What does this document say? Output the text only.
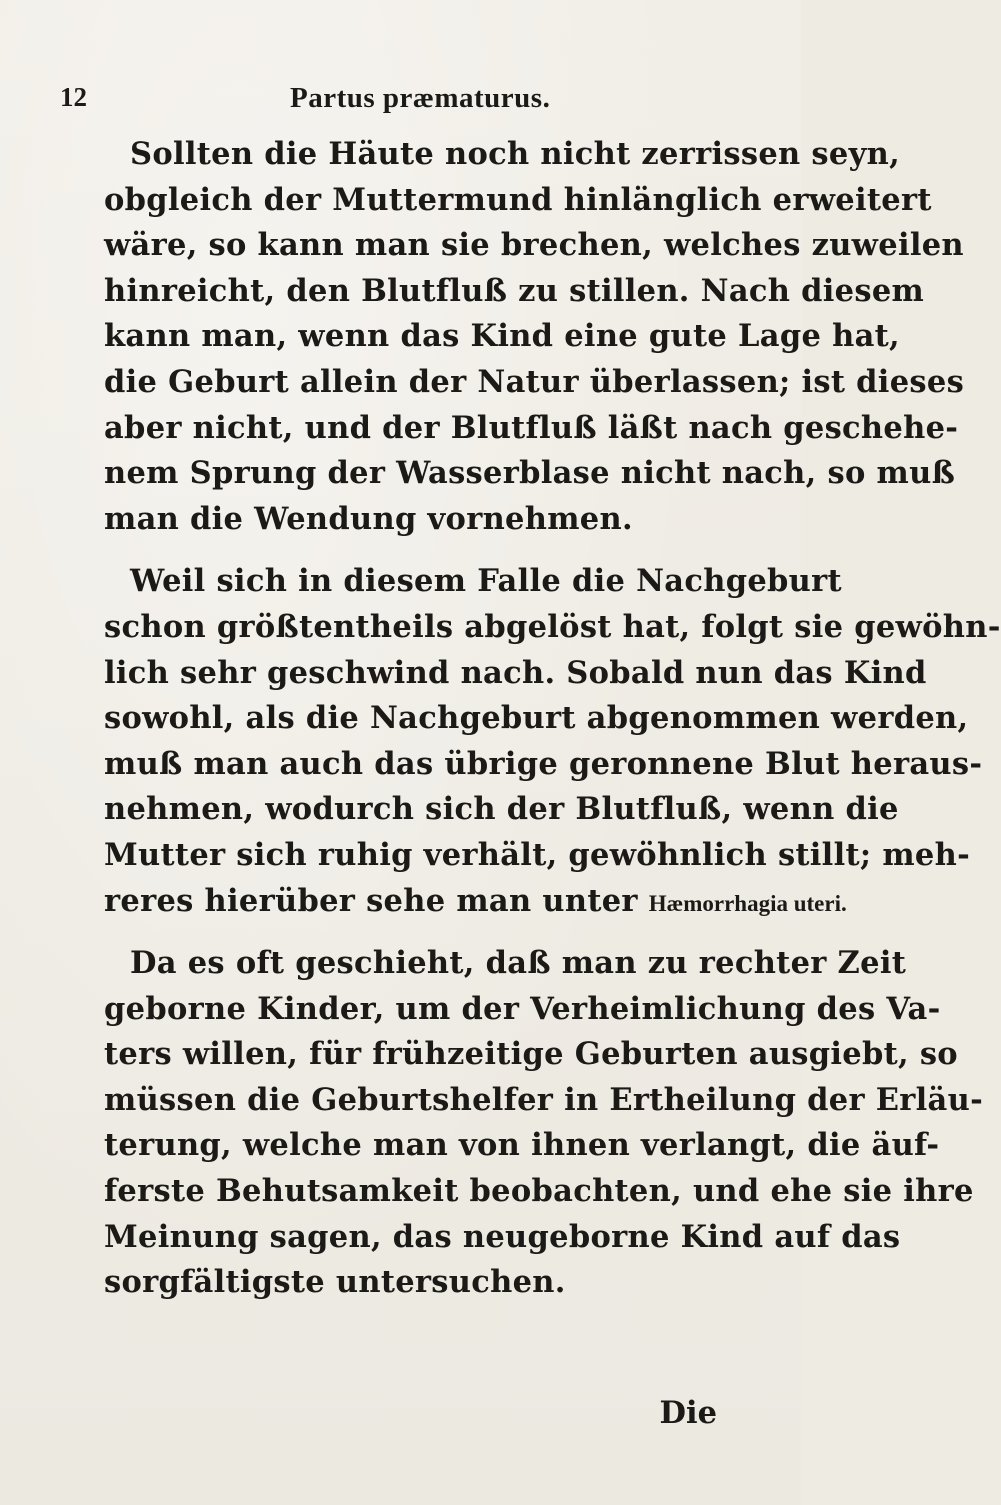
12	Partus præmaturus.
Sollten die Häute noch nicht zerrissen seyn,
obgleich der Muttermund hinlänglich erweitert
wäre, so kann man sie brechen, welches zuweilen
hinreicht, den Blutfluß zu stillen. Nach diesem
kann man, wenn das Kind eine gute Lage hat,
die Geburt allein der Natur überlassen; ist dieses
aber nicht, und der Blutfluß läßt nach geschehe-
nem Sprung der Wasserblase nicht nach, so muß
man die Wendung vornehmen.
Weil sich in diesem Falle die Nachgeburt
schon größtentheils abgelöst hat, folgt sie gewöhn-
lich sehr geschwind nach. Sobald nun das Kind
sowohl, als die Nachgeburt abgenommen werden,
muß man auch das übrige geronnene Blut heraus-
nehmen, wodurch sich der Blutfluß, wenn die
Mutter sich ruhig verhält, gewöhnlich stillt; meh-
reres hierüber sehe man unter Hæmorrhagia uteri.
Da es oft geschieht, daß man zu rechter Zeit
geborne Kinder, um der Verheimlichung des Va-
ters willen, für frühzeitige Geburten ausgiebt, so
müssen die Geburtshelfer in Ertheilung der Erläu-
terung, welche man von ihnen verlangt, die äuf-
ferste Behutsamkeit beobachten, und ehe sie ihre
Meinung sagen, das neugeborne Kind auf das
sorgfältigste untersuchen.
Die
